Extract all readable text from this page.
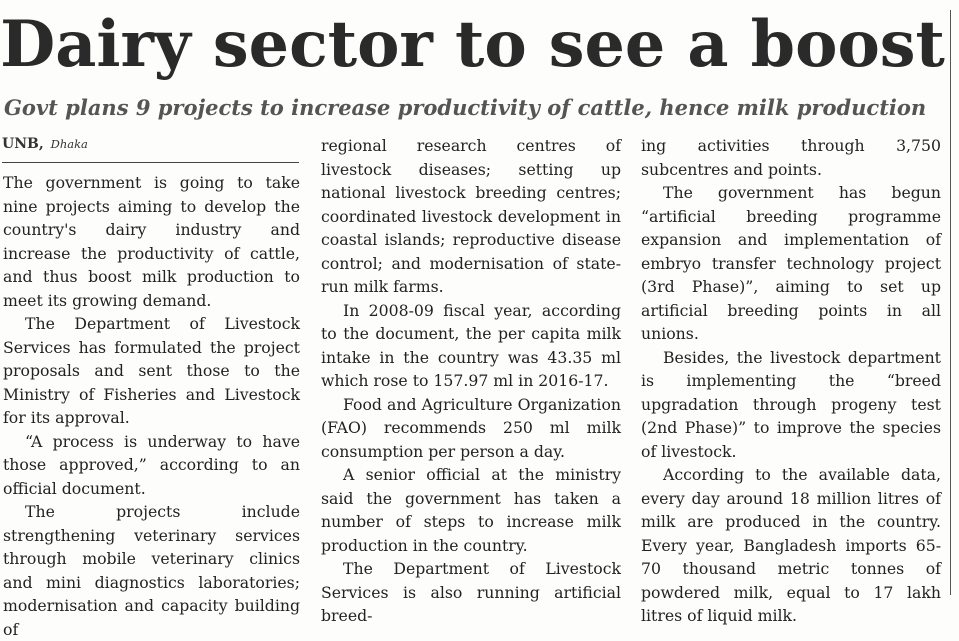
Dairy sector to see a boost
Govt plans 9 projects to increase productivity of cattle, hence milk production
UNB, Dhaka

The government is going to take nine projects aiming to develop the country's dairy industry and increase the productivity of cattle, and thus boost milk production to meet its growing demand.

The Department of Livestock Services has formulated the project proposals and sent those to the Ministry of Fisheries and Livestock for its approval.

“A process is underway to have those approved,” according to an official document.

The projects include strengthening veterinary services through mobile veterinary clinics and mini diagnostics laboratories; modernisation and capacity building of

regional research centres of livestock diseases; setting up national livestock breeding centres; coordinated livestock development in coastal islands; reproductive disease control; and modernisation of state-run milk farms.

In 2008-09 fiscal year, according to the document, the per capita milk intake in the country was 43.35 ml which rose to 157.97 ml in 2016-17.

Food and Agriculture Organization (FAO) recommends 250 ml milk consumption per person a day.

A senior official at the ministry said the government has taken a number of steps to increase milk production in the country.

The Department of Livestock Services is also running artificial breed-

ing activities through 3,750 subcentres and points.

The government has begun “artificial breeding programme expansion and implementation of embryo transfer technology project (3rd Phase)”, aiming to set up artificial breeding points in all unions.

Besides, the livestock department is implementing the “breed upgradation through progeny test (2nd Phase)” to improve the species of livestock.

According to the available data, every day around 18 million litres of milk are produced in the country. Every year, Bangladesh imports 65-70 thousand metric tonnes of powdered milk, equal to 17 lakh litres of liquid milk.
